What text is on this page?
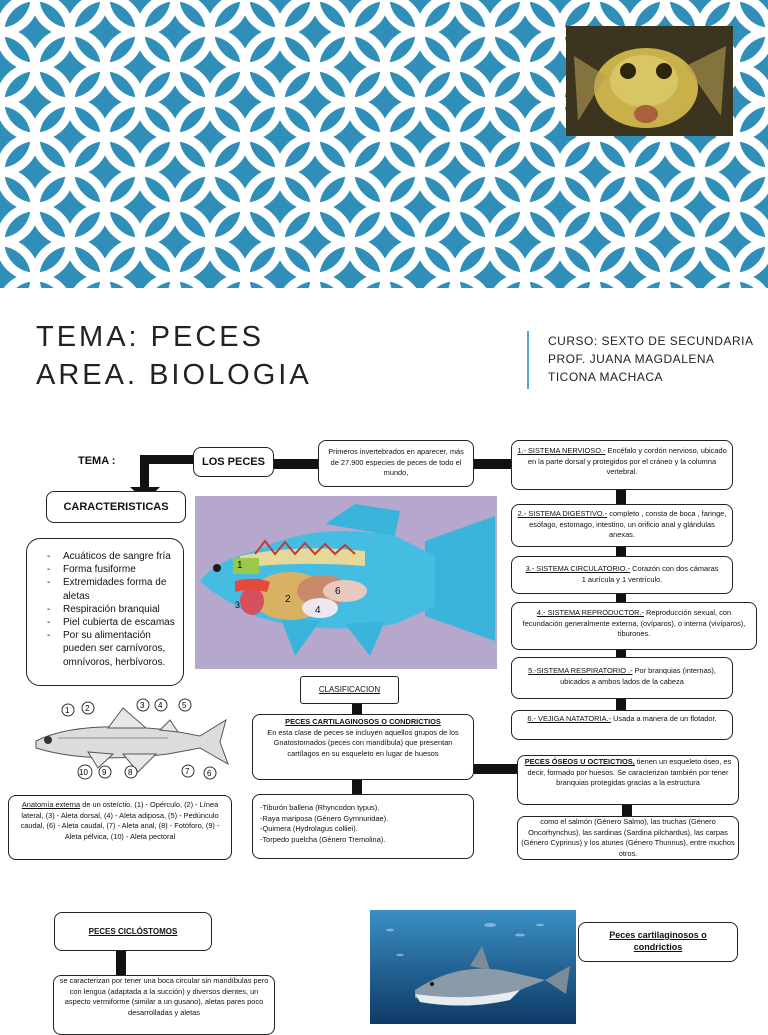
TEMA: PECES
AREA. BIOLOGIA
CURSO: SEXTO DE SECUNDARIA
PROF. JUANA MAGDALENA
TICONA MACHACA
TEMA :	LOS PECES
Primeros invertebrados en aparecer, más de 27.900 especies de peces de todo el mundo,
CARACTERISTICAS
- Acuáticos de sangre fría
- Forma fusiforme
- Extremidades forma de aletas
- Respiración branquial
- Piel cubierta de escamas
- Por su alimentación pueden ser carnívoros, omnívoros, herbívoros.
1
2
3	4
6
1.- SISTEMA NERVIOSO.- Encéfalo y cordón nervioso, ubicado en la parte dorsal y protegidos por el cráneo y la columna vertebral.
2.- SISTEMA DIGESTIVO.- completo , consta de boca , faringe, esófago, estomago, intestino, un orificio anal y glándulas anexas.
3.- SISTEMA CIRCULATORIO.- Corazón con dos cámaras 1 aurícula y 1 ventrículo.
4.- SISTEMA REPRODUCTOR.- Reproducción sexual, con fecundación generalmente externa, (ovíparos), o interna (vivíparos), tiburones.
5.-SISTEMA RESPIRATORIO .- Por branquias (internas), ubicados a ambos lados de la cabeza
6.- VEJIGA NATATORIA.- Usada a manera de un flotador.
1 2	3 4 5
6
7
8
9
10
Anatomía externa de un osteíctio. (1) - Opérculo, (2) - Línea lateral, (3) - Aleta dorsal, (4) - Aleta adiposa, (5) - Pedúnculo caudal, (6) - Aleta caudal, (7) - Aleta anal, (8) - Fotóforo, (9) - Aleta pélvica, (10) - Aleta pectoral
CLASIFICACION
PECES CARTILAGINOSOS O CONDRICTIOS
En esta clase de peces se incluyen aquellos grupos de los Gnatostomados (peces con mandíbula) que presentan cartílagos en su esqueleto en lugar de huesos
-Tiburón ballena (Rhyncodon typus).
-Raya mariposa (Género Gymnuridae).
-Quimera (Hydrolagus colliei).
-Torpedo puelcha (Género Tremolina).
PECES ÓSEOS U OCTEICTIOS, tienen un esqueleto óseo, es decir, formado por huesos. Se caracterizan también por tener branquias protegidas gracias a la estructura
como el salmón (Género Salmo), las truchas (Género Oncorhynchus), las sardinas (Sardina pilchardus), las carpas (Género Cyprinus) y los atunes (Género Thunnus), entre muchos otros.
PECES CICLÓSTOMOS
se caracterizan por tener una boca circular sin mandíbulas pero con lengua (adaptada a la succión) y diversos dientes, un aspecto vermiforme (similar a un gusano), aletas pares poco desarrolladas y aletas
Peces cartilaginosos o condrictios
